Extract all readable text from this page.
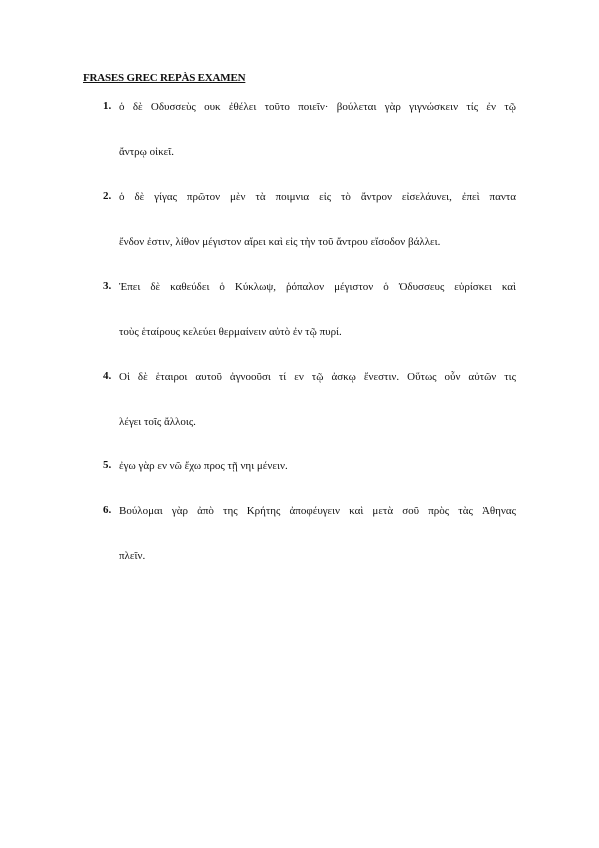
FRASES GREC REPÀS EXAMEN
1. ὁ δὲ Οδυσσεὺς ουκ ἐθέλει τοῦτο ποιεῖν· βούλεται γὰρ γιγνώσκειν τίς ἐν τῷ
ἄντρῳ οἰκεῖ.
2. ὁ δὲ γίγας πρῶτον μὲν τὰ ποιμνια εἰς τὸ ἄντρον εἰσελάυνει, ἐπεὶ παντα
ἔνδον ἐστιν, λίθον μέγιστον αἴρει καὶ εἰς τὴν τοῦ ἄντρου εἴσοδον βάλλει.
3. Ἐπει δὲ καθεύδει ὁ Κύκλωψ, ῥόπαλον μέγιστον ὁ Ὀδυσσευς εὑρίσκει καὶ
τοὺς ἑταίρους κελεύει θερμαίνειν αὐτὸ ἐν τῷ πυρί.
4. Οἱ δὲ ἑταιροι αυτοῦ ἀγνοοῦσι τί εν τῷ ἀσκῳ ἔνεστιν. Οὕτως οὖν αὐτῶν τις
λέγει τοῖς ἄλλοις.
5. ἐγω γὰρ εν νῶ ἔχω προς τῇ νηι μένειν.
6. Βούλομαι γὰρ ἀπὸ της Κρήτης ἀποφέυγειν καὶ μετὰ σοῦ πρὸς τὰς Ἀθηνας
πλεῖν.
